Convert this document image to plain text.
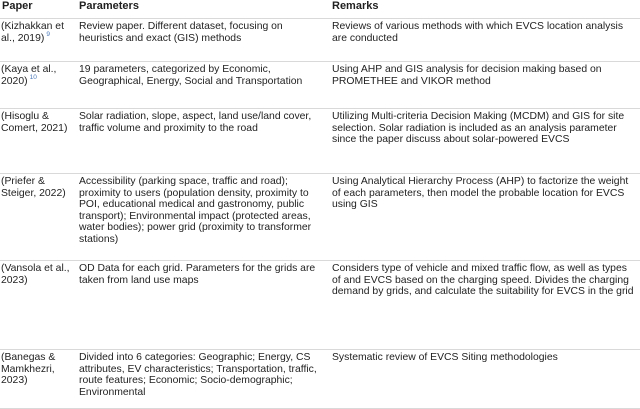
Paper	Parameters	Remarks
(Kizhakkan et al., 2019) $^9$	Review paper. Different dataset, focusing on heuristics and exact (GIS) methods	Reviews of various methods with which EVCS location analysis are conducted
(Kaya et al., 2020) $^{10}$	19 parameters, categorized by Economic, Geographical, Energy, Social and Transportation	Using AHP and GIS analysis for decision making based on PROMETHEE and VIKOR method
(Hisoglu & Comert, 2021)	Solar radiation, slope, aspect, land use/land cover, traffic volume and proximity to the road	Utilizing Multi-criteria Decision Making (MCDM) and GIS for site selection. Solar radiation is included as an analysis parameter since the paper discuss about solar-powered EVCS
(Priefer & Steiger, 2022)	Accessibility (parking space, traffic and road); proximity to users (population density, proximity to POI, educational medical and gastronomy, public transport); Environmental impact (protected areas, water bodies); power grid (proximity to transformer stations)	Using Analytical Hierarchy Process (AHP) to factorize the weight of each parameters, then model the probable location for EVCS using GIS
(Vansola et al., 2023)	OD Data for each grid. Parameters for the grids are taken from land use maps	Considers type of vehicle and mixed traffic flow, as well as types of and EVCS based on the charging speed. Divides the charging demand by grids, and calculate the suitability for EVCS in the grid
(Banegas & Mamkhezri, 2023)	Divided into 6 categories: Geographic; Energy, CS attributes, EV characteristics; Transportation, traffic, route features; Economic; Socio-demographic; Environmental	Systematic review of EVCS Siting methodologies
